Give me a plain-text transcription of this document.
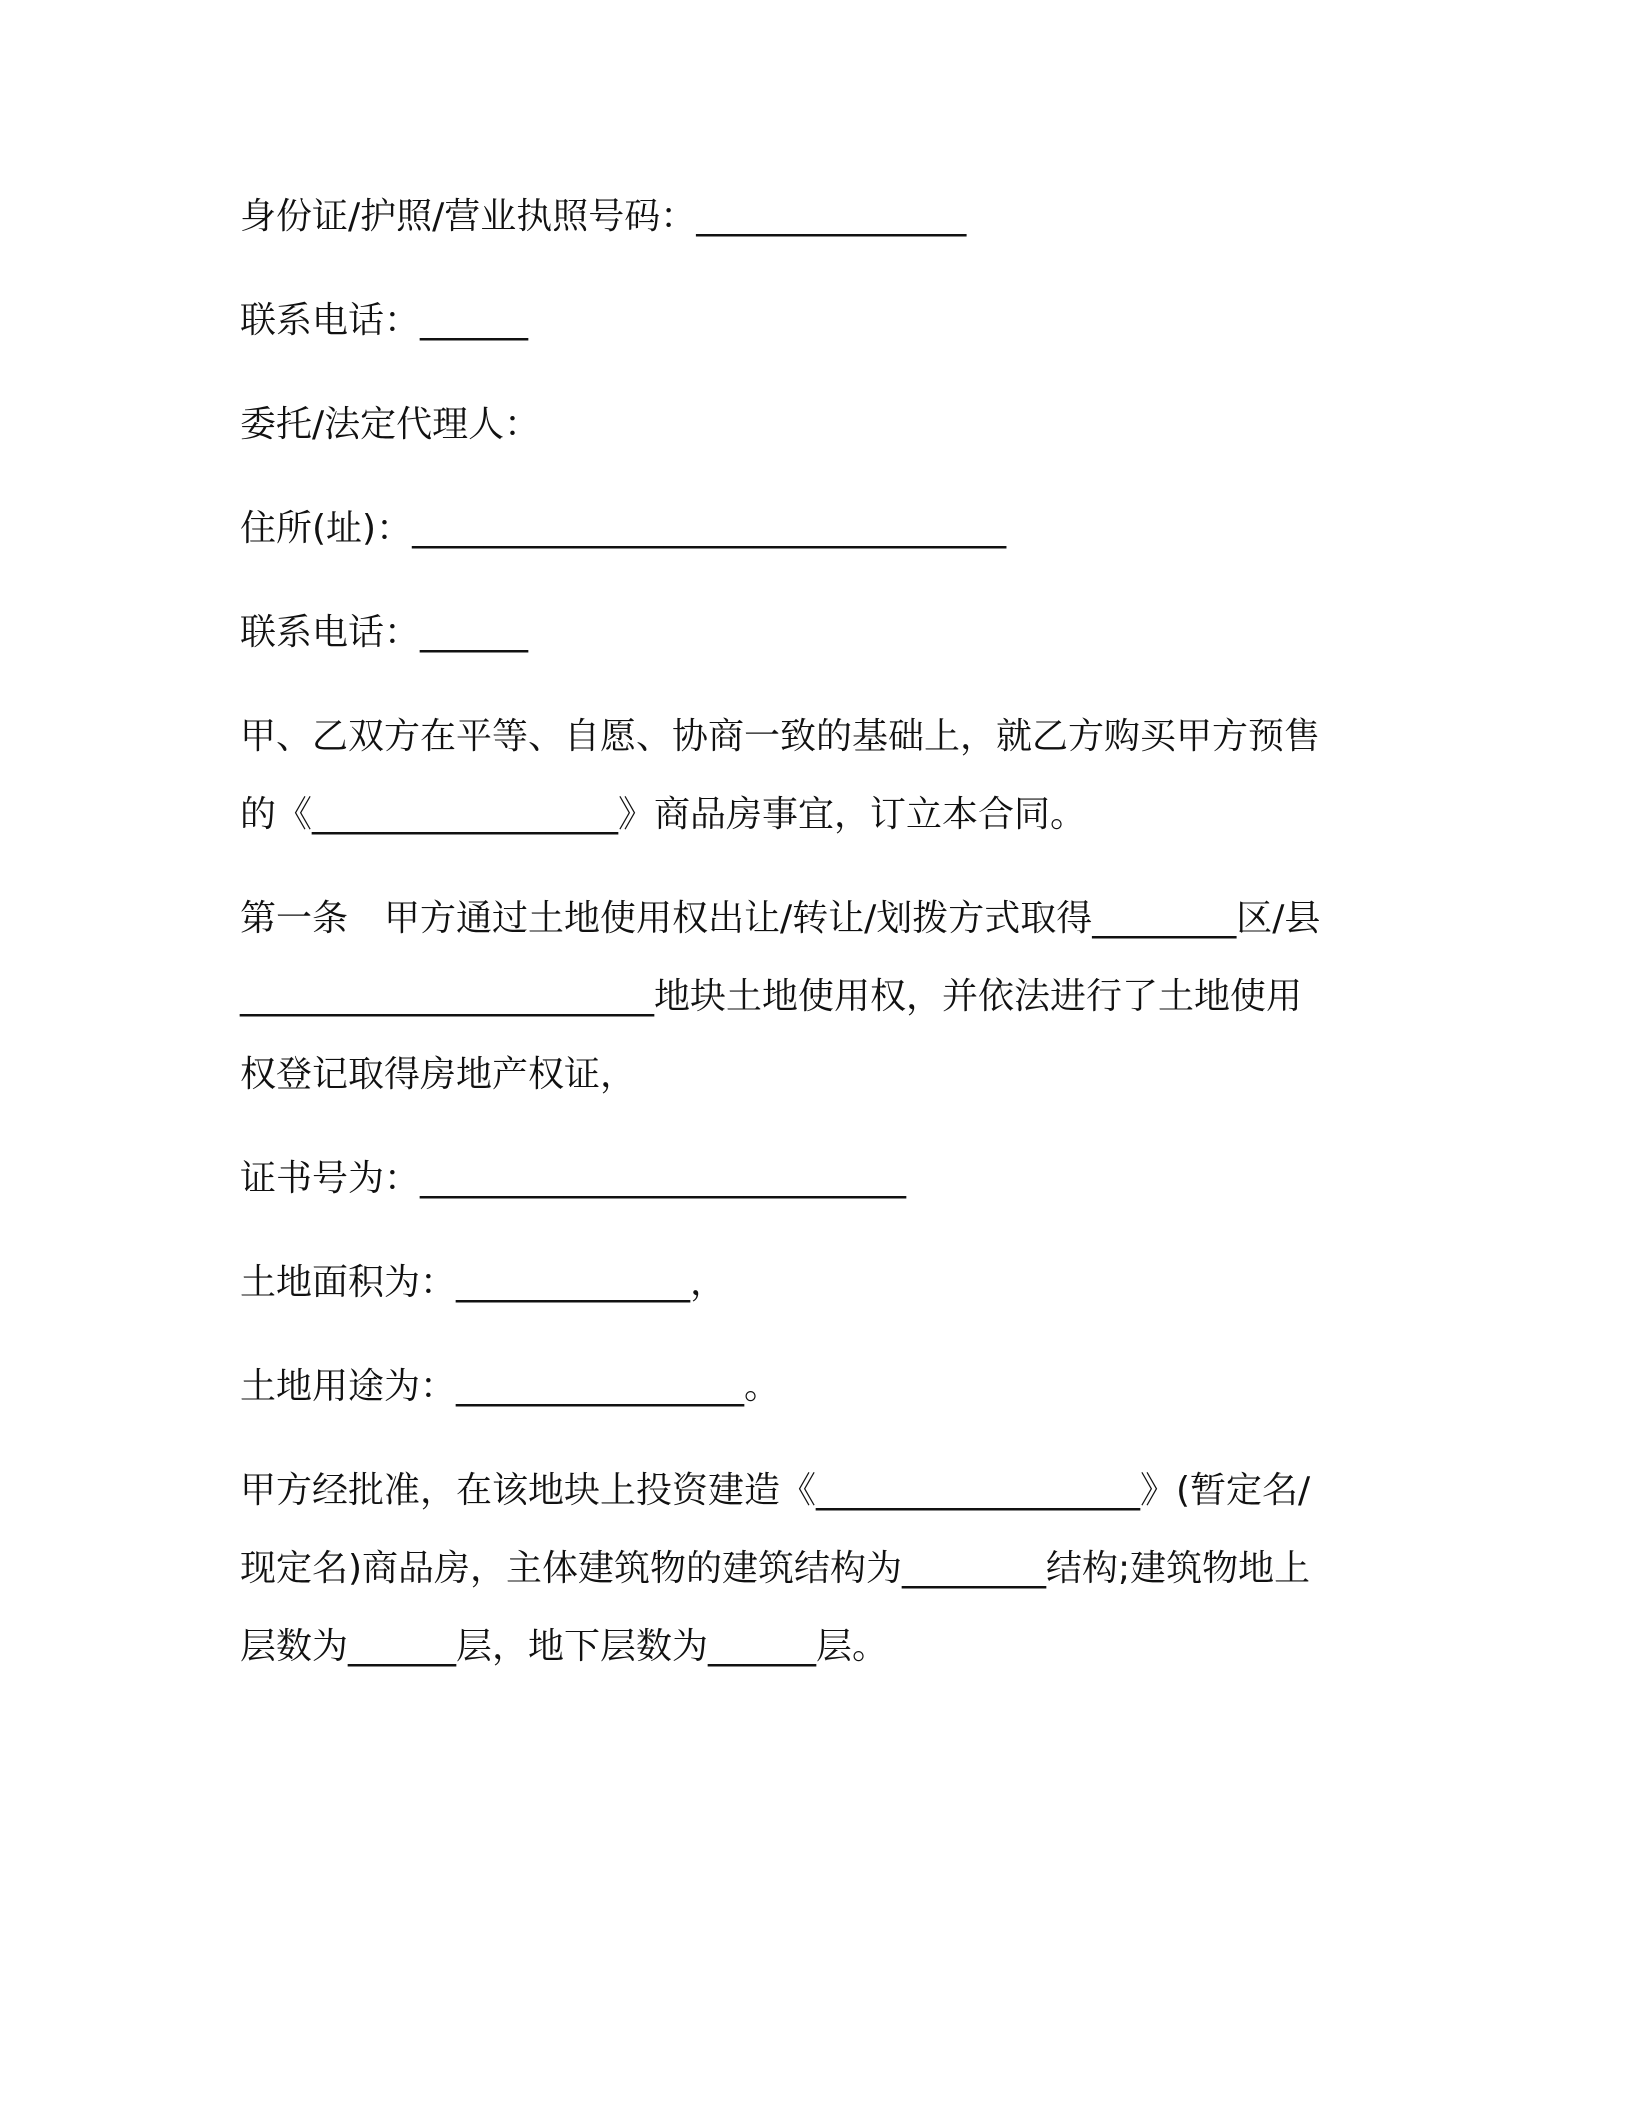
身份证/护照/营业执照号码：_______________
联系电话：______
委托/法定代理人：
住所(址)：_________________________________
联系电话：______
甲、乙双方在平等、自愿、协商一致的基础上，就乙方购买甲方预售
的《_________________》商品房事宜，订立本合同。
第一条　甲方通过土地使用权出让/转让/划拨方式取得________区/县
_______________________地块土地使用权，并依法进行了土地使用
权登记取得房地产权证，
证书号为：___________________________
土地面积为：_____________，
土地用途为：________________。
甲方经批准，在该地块上投资建造《__________________》(暂定名/
现定名)商品房，主体建筑物的建筑结构为________结构;建筑物地上
层数为______层，地下层数为______层。
